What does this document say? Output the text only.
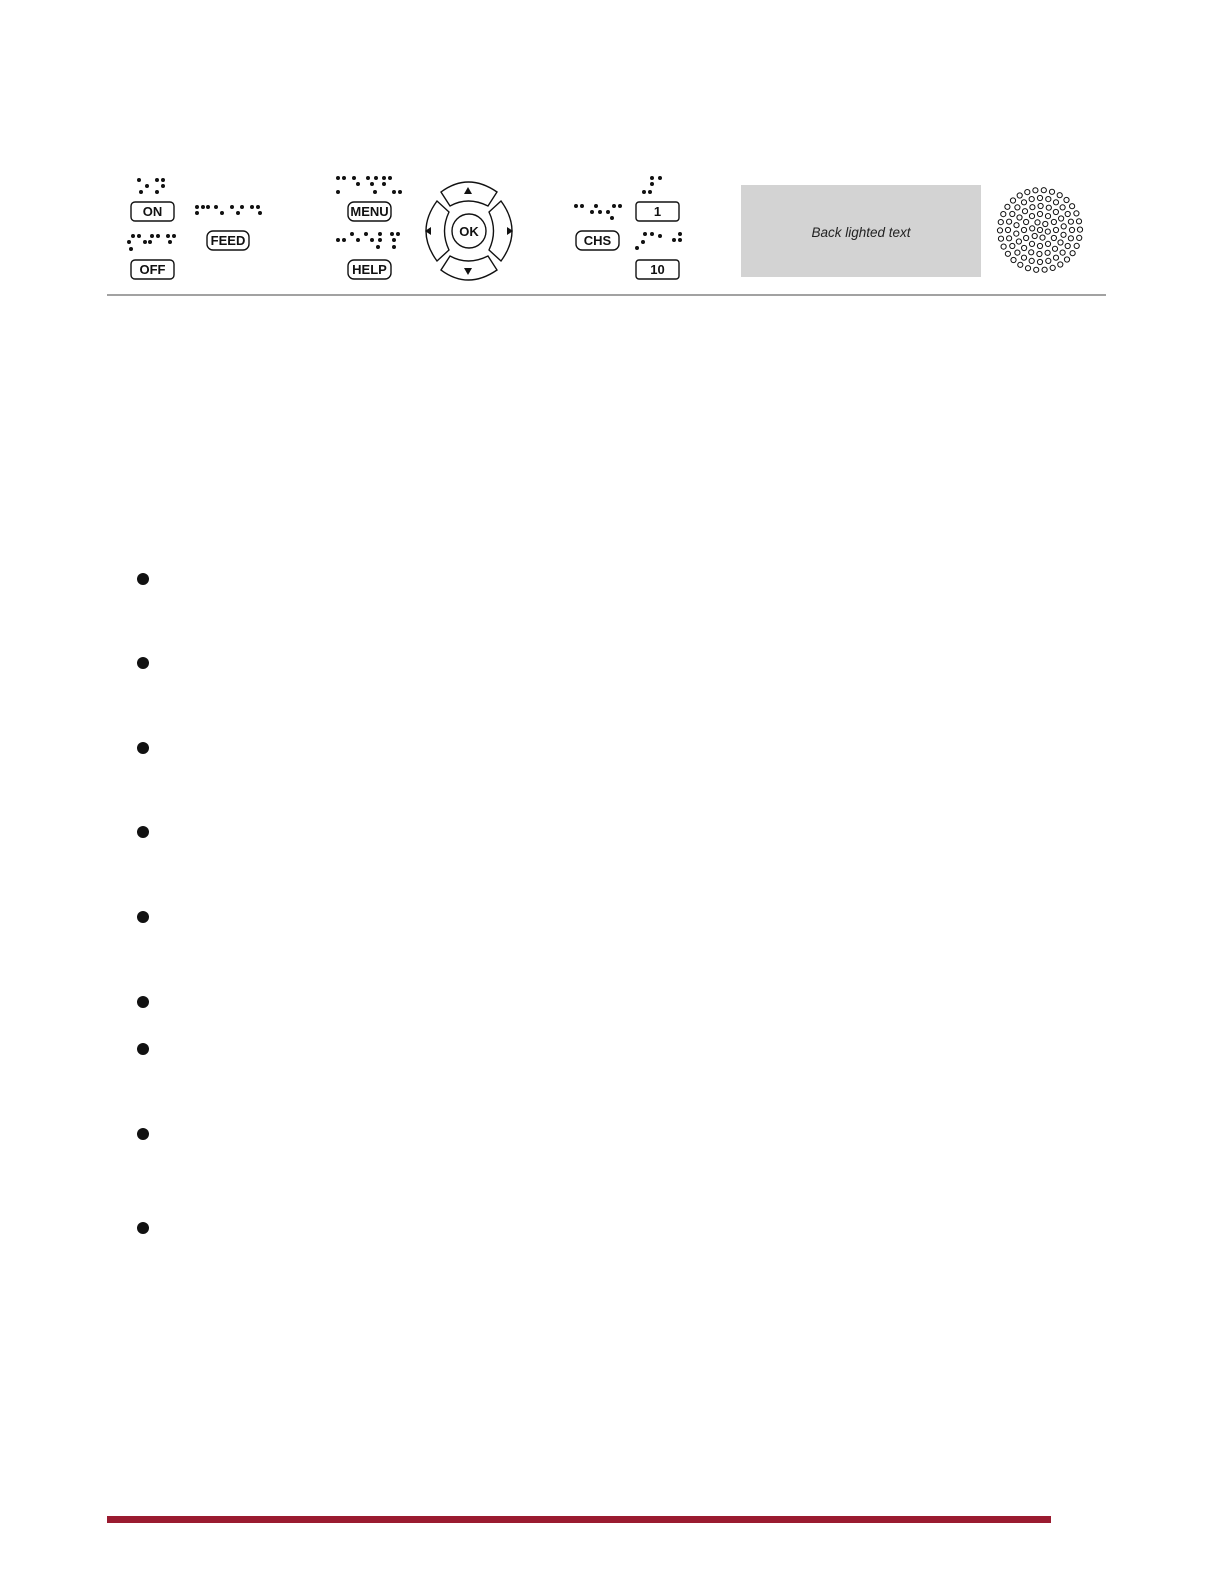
ON
OFF
FEED
MENU
HELP
OK
CHS
1
10
Back lighted text
